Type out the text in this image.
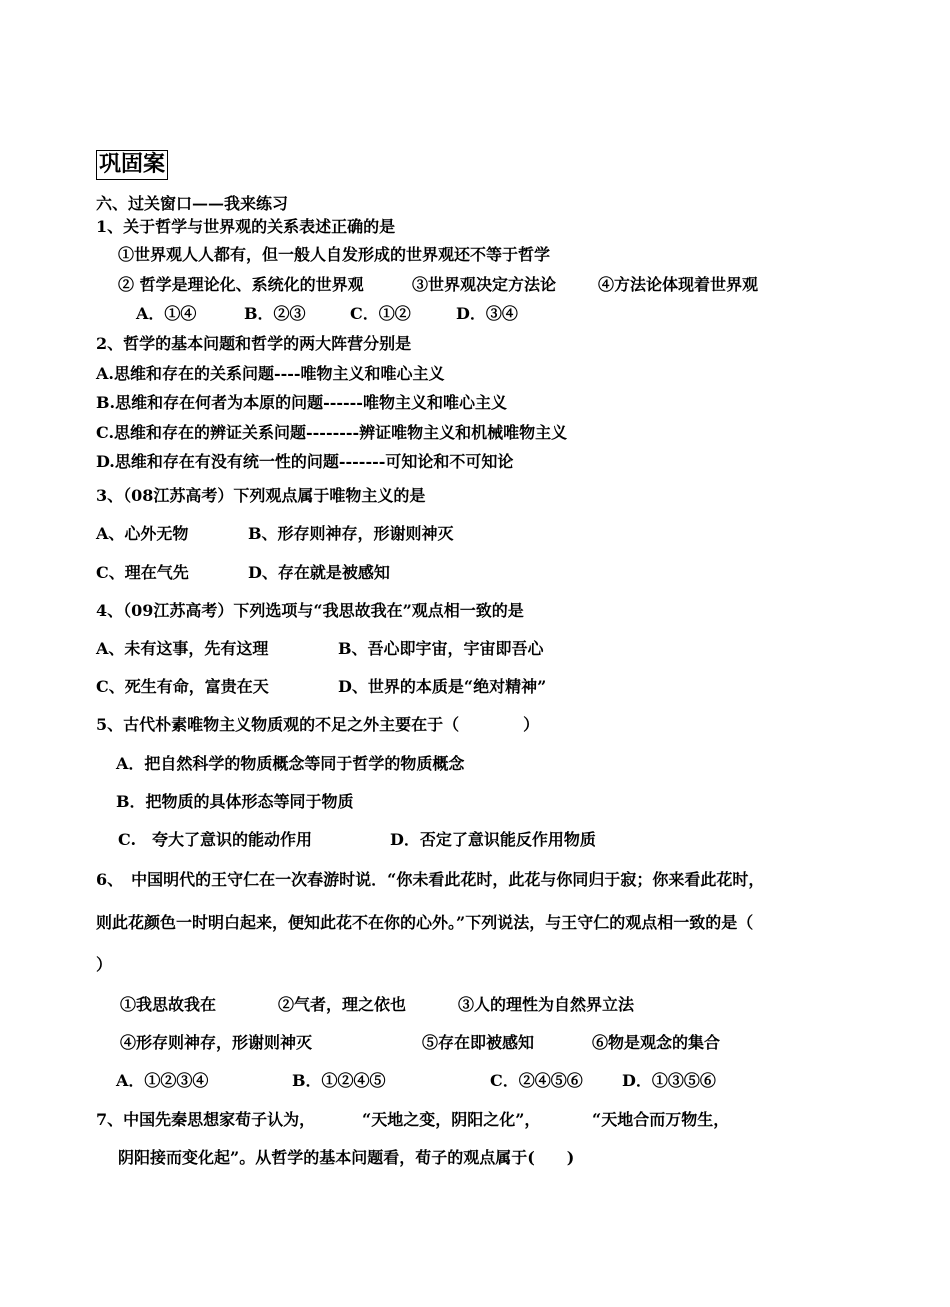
巩固案
六、过关窗口——我来练习
1、关于哲学与世界观的关系表述正确的是
①世界观人人都有，但一般人自发形成的世界观还不等于哲学
② 哲学是理论化、系统化的世界观	③世界观决定方法论	④方法论体现着世界观
A．①④	B．②③	C．①②	D．③④
2、哲学的基本问题和哲学的两大阵营分别是
A.思维和存在的关系问题----唯物主义和唯心主义
B.思维和存在何者为本原的问题------唯物主义和唯心主义
C.思维和存在的辨证关系问题--------辨证唯物主义和机械唯物主义
D.思维和存在有没有统一性的问题-------可知论和不可知论
3、（08江苏高考）下列观点属于唯物主义的是
A、心外无物	B、形存则神存，形谢则神灭
C、理在气先	D、存在就是被感知
4、（09江苏高考）下列选项与“我思故我在”观点相一致的是
A、未有这事，先有这理	B、吾心即宇宙，宇宙即吾心
C、死生有命，富贵在天	D、世界的本质是“绝对精神”
5、古代朴素唯物主义物质观的不足之外主要在于（　　　　）
A．把自然科学的物质概念等同于哲学的物质概念
B．把物质的具体形态等同于物质
C.　夸大了意识的能动作用	D．否定了意识能反作用物质
6、　中国明代的王守仁在一次春游时说．“你未看此花时，此花与你同归于寂；你来看此花时，
则此花颜色一时明白起来，便知此花不在你的心外。”下列说法，与王守仁的观点相一致的是（
）
①我思故我在	②气者，理之依也	③人的理性为自然界立法
④形存则神存，形谢则神灭	⑤存在即被感知	⑥物是观念的集合
A．①②③④	B．①②④⑤	C．②④⑤⑥ D．①③⑤⑥
7、中国先秦思想家荀子认为，	“天地之变，阴阳之化”，	“天地合而万物生，
阴阳接而变化起”。从哲学的基本问题看，荀子的观点属于(　　)
